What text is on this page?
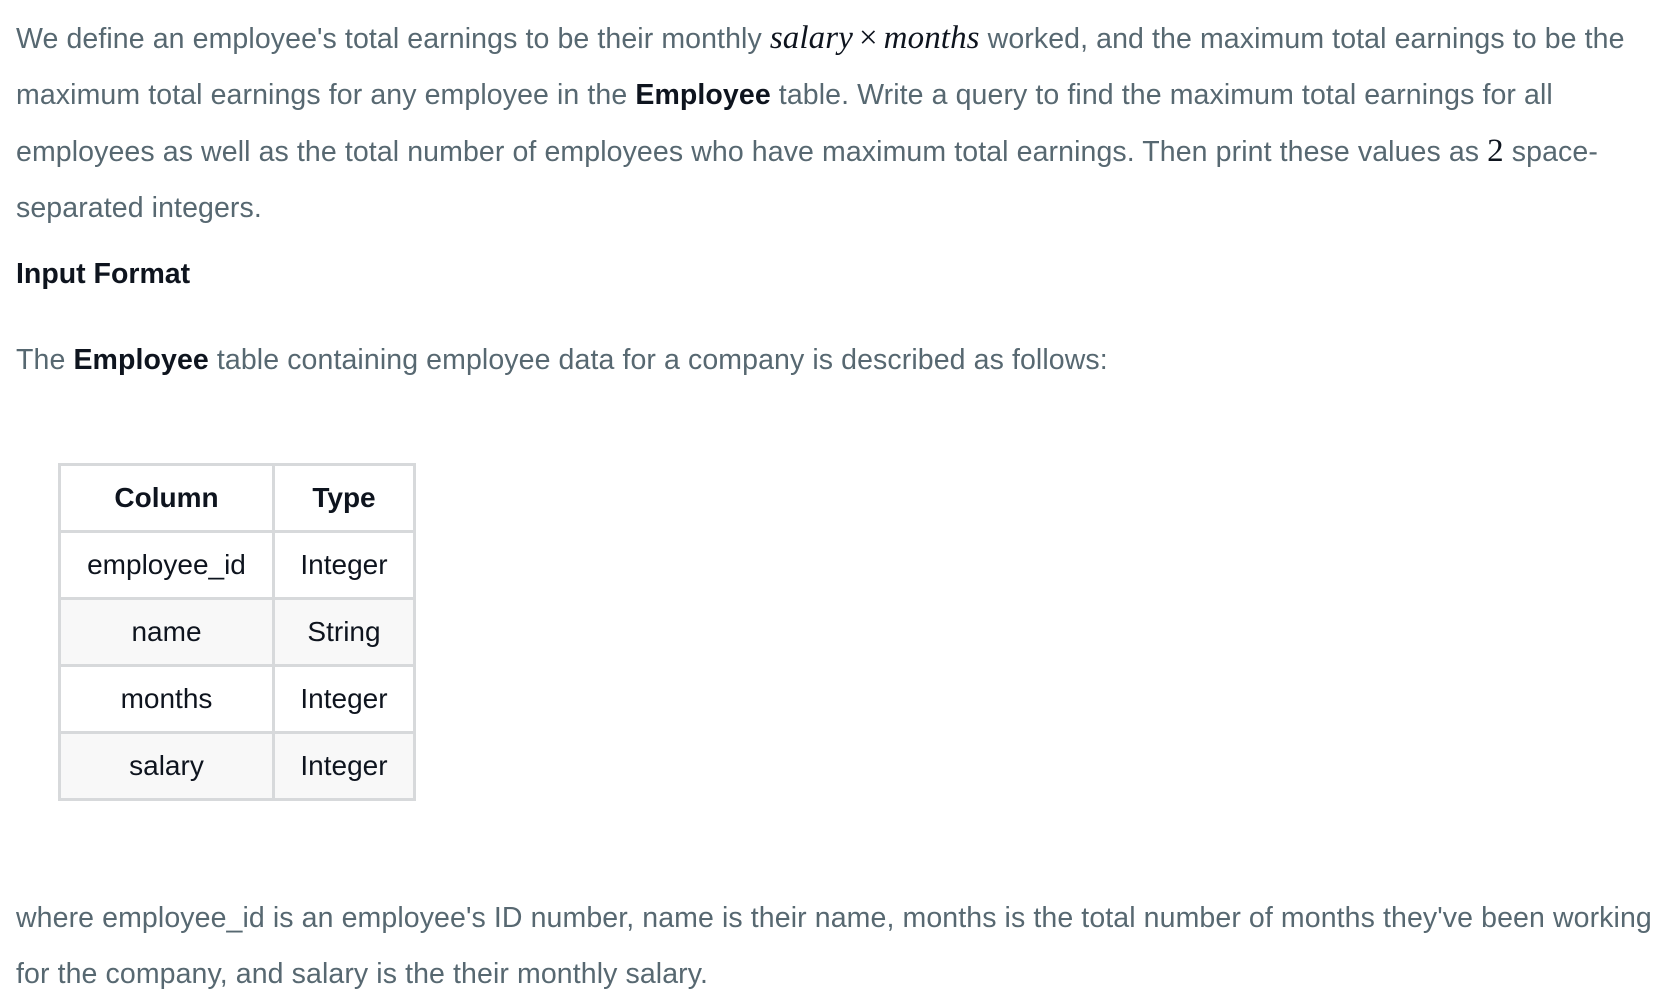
We define an employee's total earnings to be their monthly salary × months worked, and the maximum total earnings to be the maximum total earnings for any employee in the Employee table. Write a query to find the maximum total earnings for all employees as well as the total number of employees who have maximum total earnings. Then print these values as 2 space-separated integers.

Input Format

The Employee table containing employee data for a company is described as follows:

Column	Type
employee_id	Integer
name	String
months	Integer
salary	Integer

where employee_id is an employee's ID number, name is their name, months is the total number of months they've been working for the company, and salary is the their monthly salary.
